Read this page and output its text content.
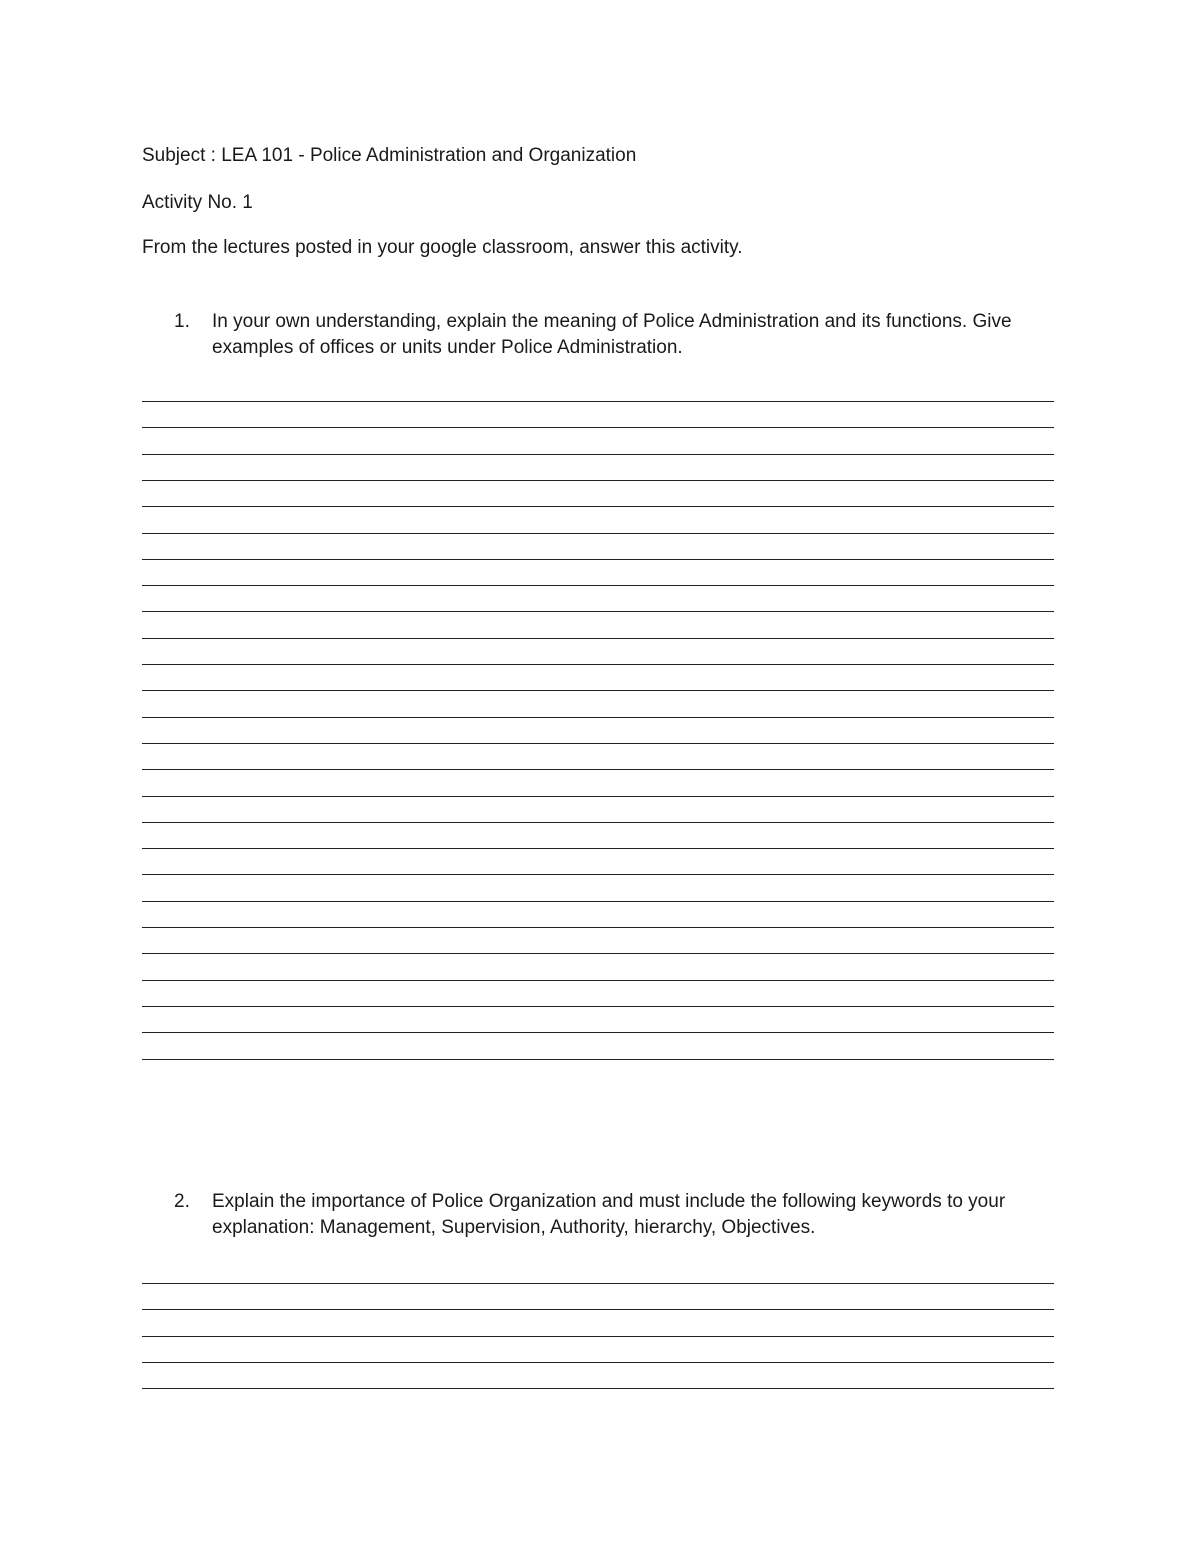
Subject : LEA 101 - Police Administration and Organization
Activity No. 1
From the lectures posted in your google classroom, answer this activity.
1. In your own understanding, explain the meaning of Police Administration and its functions. Give examples of offices or units under Police Administration.
2. Explain the importance of Police Organization and must include the following keywords to your explanation: Management, Supervision, Authority, hierarchy, Objectives.
